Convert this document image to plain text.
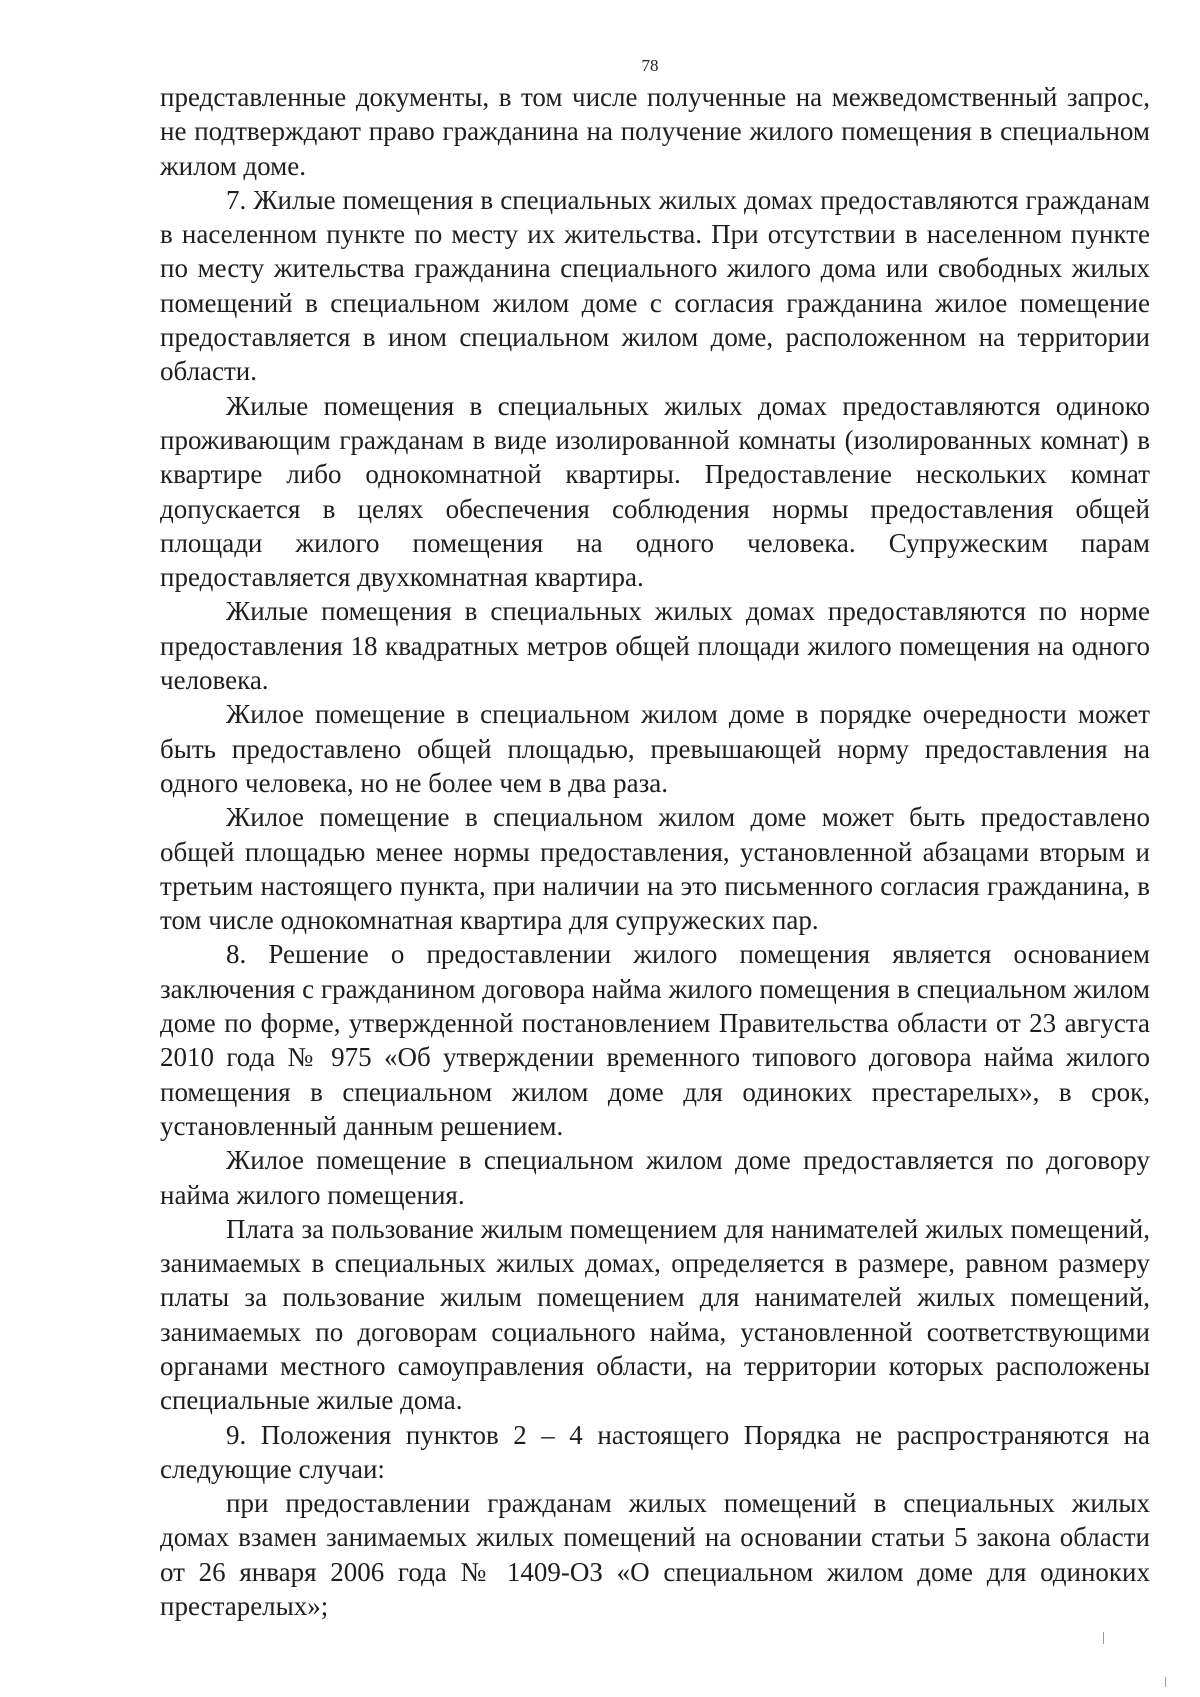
78

представленные документы, в том числе полученные на межведомственный запрос, не подтверждают право гражданина на получение жилого помещения в специальном жилом доме.

7. Жилые помещения в специальных жилых домах предоставляются гражданам в населенном пункте по месту их жительства. При отсутствии в населенном пункте по месту жительства гражданина специального жилого дома или свободных жилых помещений в специальном жилом доме с согласия гражданина жилое помещение предоставляется в ином специальном жилом доме, расположенном на территории области.

Жилые помещения в специальных жилых домах предоставляются одиноко проживающим гражданам в виде изолированной комнаты (изолированных комнат) в квартире либо однокомнатной квартиры. Предоставление нескольких комнат допускается в целях обеспечения соблюдения нормы предоставления общей площади жилого помещения на одного человека. Супружеским парам предоставляется двухкомнатная квартира.

Жилые помещения в специальных жилых домах предоставляются по норме предоставления 18 квадратных метров общей площади жилого помещения на одного человека.

Жилое помещение в специальном жилом доме в порядке очередности может быть предоставлено общей площадью, превышающей норму предоставления на одного человека, но не более чем в два раза.

Жилое помещение в специальном жилом доме может быть предоставлено общей площадью менее нормы предоставления, установленной абзацами вторым и третьим настоящего пункта, при наличии на это письменного согласия гражданина, в том числе однокомнатная квартира для супружеских пар.

8. Решение о предоставлении жилого помещения является основанием заключения с гражданином договора найма жилого помещения в специальном жилом доме по форме, утвержденной постановлением Правительства области от 23 августа 2010 года № 975 «Об утверждении временного типового договора найма жилого помещения в специальном жилом доме для одиноких престарелых», в срок, установленный данным решением.

Жилое помещение в специальном жилом доме предоставляется по договору найма жилого помещения.

Плата за пользование жилым помещением для нанимателей жилых помещений, занимаемых в специальных жилых домах, определяется в размере, равном размеру платы за пользование жилым помещением для нанимателей жилых помещений, занимаемых по договорам социального найма, установленной соответствующими органами местного самоуправления области, на территории которых расположены специальные жилые дома.

9. Положения пунктов 2 – 4 настоящего Порядка не распространяются на следующие случаи:

при предоставлении гражданам жилых помещений в специальных жилых домах взамен занимаемых жилых помещений на основании статьи 5 закона области от 26 января 2006 года № 1409-ОЗ «О специальном жилом доме для одиноких престарелых»;
